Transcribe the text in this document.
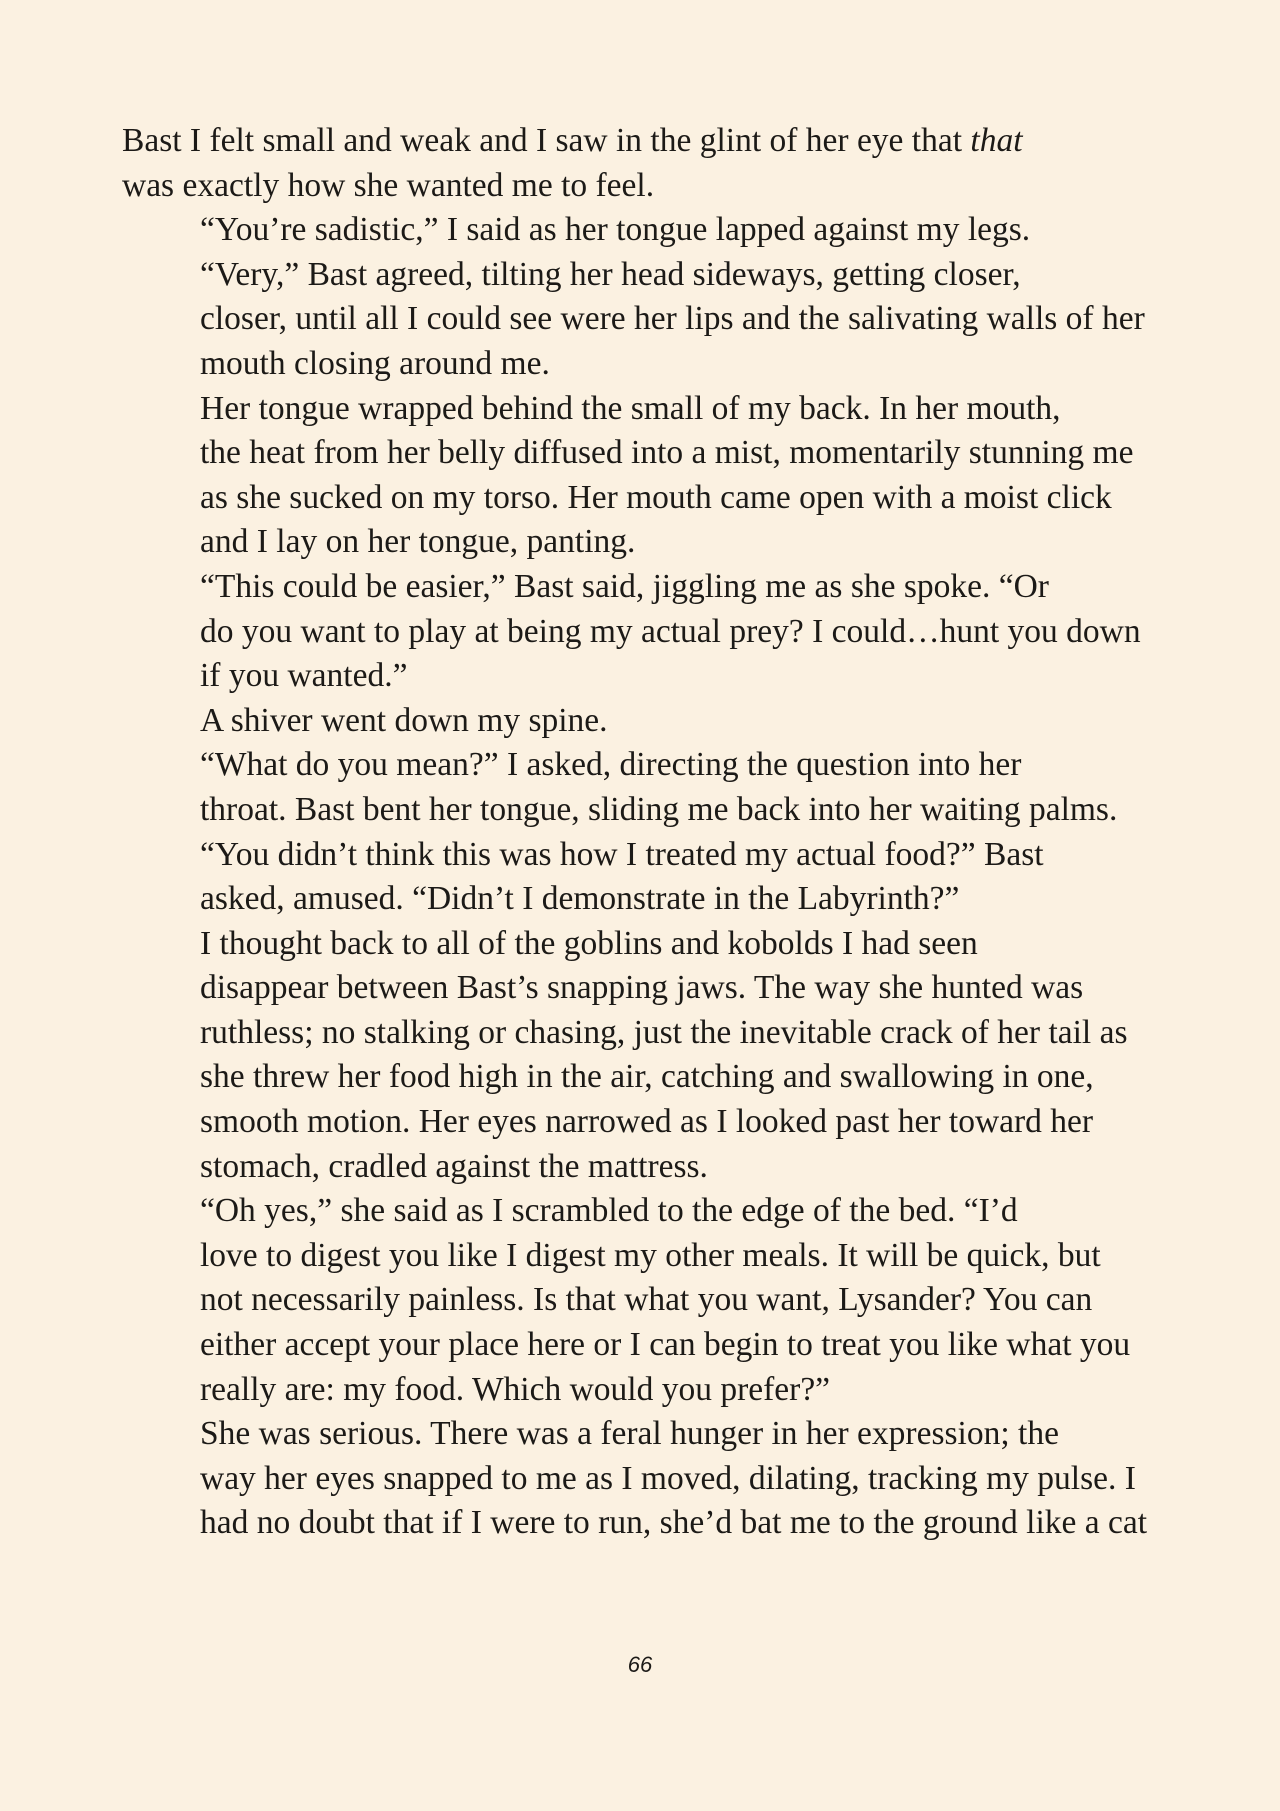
Bast I felt small and weak and I saw in the glint of her eye that that
was exactly how she wanted me to feel.

“You’re sadistic,” I said as her tongue lapped against my legs.

“Very,” Bast agreed, tilting her head sideways, getting closer,
closer, until all I could see were her lips and the salivating walls of her
mouth closing around me.

Her tongue wrapped behind the small of my back. In her mouth,
the heat from her belly diffused into a mist, momentarily stunning me
as she sucked on my torso. Her mouth came open with a moist click
and I lay on her tongue, panting.

“This could be easier,” Bast said, jiggling me as she spoke. “Or
do you want to play at being my actual prey? I could…hunt you down
if you wanted.”

A shiver went down my spine.

“What do you mean?” I asked, directing the question into her
throat. Bast bent her tongue, sliding me back into her waiting palms.

“You didn’t think this was how I treated my actual food?” Bast
asked, amused. “Didn’t I demonstrate in the Labyrinth?”

I thought back to all of the goblins and kobolds I had seen
disappear between Bast’s snapping jaws. The way she hunted was
ruthless; no stalking or chasing, just the inevitable crack of her tail as
she threw her food high in the air, catching and swallowing in one,
smooth motion. Her eyes narrowed as I looked past her toward her
stomach, cradled against the mattress.

“Oh yes,” she said as I scrambled to the edge of the bed. “I’d
love to digest you like I digest my other meals. It will be quick, but
not necessarily painless. Is that what you want, Lysander? You can
either accept your place here or I can begin to treat you like what you
really are: my food. Which would you prefer?”

She was serious. There was a feral hunger in her expression; the
way her eyes snapped to me as I moved, dilating, tracking my pulse. I
had no doubt that if I were to run, she’d bat me to the ground like a cat

66
